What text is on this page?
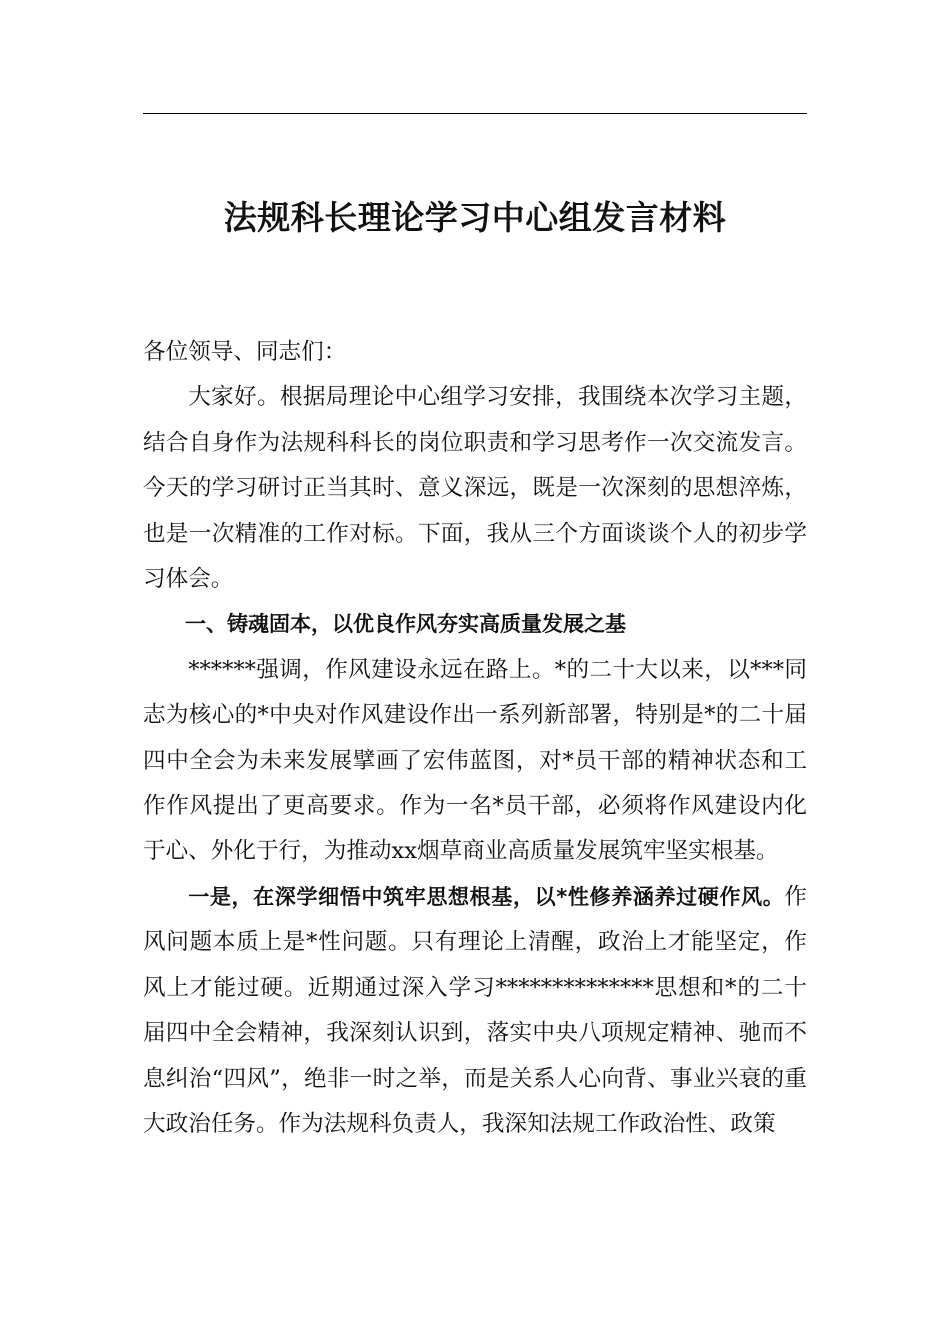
法规科长理论学习中心组发言材料

各位领导、同志们：

大家好。根据局理论中心组学习安排，我围绕本次学习主题，结合自身作为法规科科长的岗位职责和学习思考作一次交流发言。今天的学习研讨正当其时、意义深远，既是一次深刻的思想淬炼，也是一次精准的工作对标。下面，我从三个方面谈谈个人的初步学习体会。

一、铸魂固本，以优良作风夯实高质量发展之基

******强调，作风建设永远在路上。*的二十大以来，以***同志为核心的*中央对作风建设作出一系列新部署，特别是*的二十届四中全会为未来发展擘画了宏伟蓝图，对*员干部的精神状态和工作作风提出了更高要求。作为一名*员干部，必须将作风建设内化于心、外化于行，为推动xx烟草商业高质量发展筑牢坚实根基。

一是，在深学细悟中筑牢思想根基，以*性修养涵养过硬作风。作风问题本质上是*性问题。只有理论上清醒，政治上才能坚定，作风上才能过硬。近期通过深入学习**************思想和*的二十届四中全会精神，我深刻认识到，落实中央八项规定精神、驰而不息纠治“四风”，绝非一时之举，而是关系人心向背、事业兴衰的重大政治任务。作为法规科负责人，我深知法规工作政治性、政策
